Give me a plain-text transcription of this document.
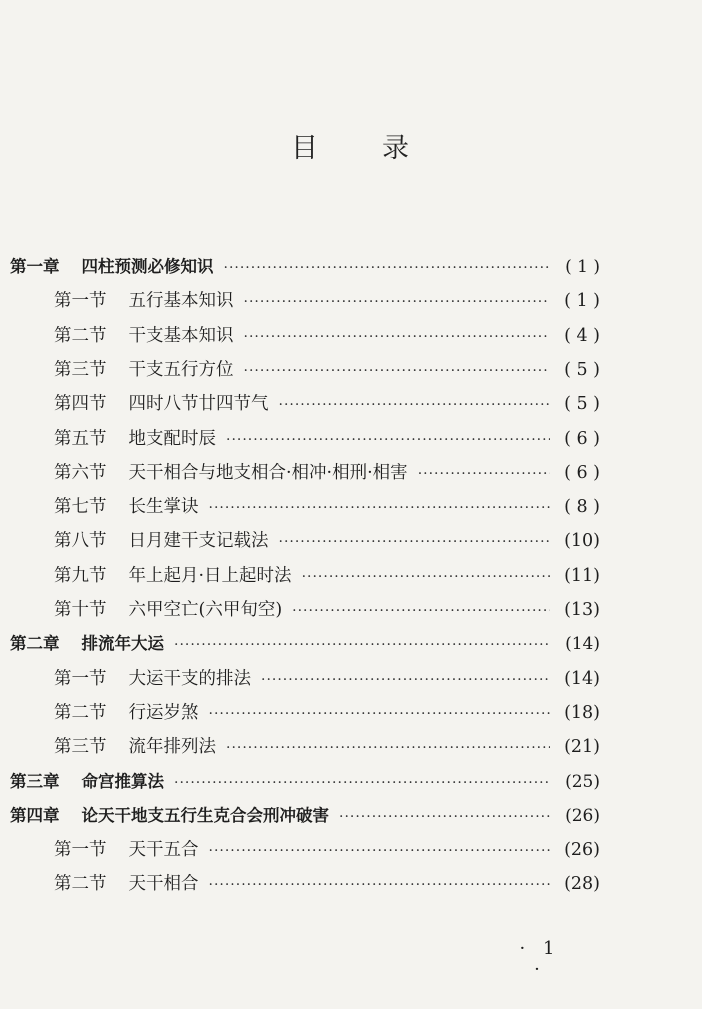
目 录
第一章 四柱预测必修知识 ·····	( 1 )
第一节 五行基本知识 ·····	( 1 )
第二节 干支基本知识 ·····	( 4 )
第三节 干支五行方位 ·····	( 5 )
第四节 四时八节廿四节气 ·····	( 5 )
第五节 地支配时辰 ·····	( 6 )
第六节 天干相合与地支相合·相冲·相刑·相害 ·····	( 6 )
第七节 长生掌诀 ·····	( 8 )
第八节 日月建干支记载法 ·····	(10)
第九节 年上起月·日上起时法 ·····	(11)
第十节 六甲空亡(六甲旬空) ·····	(13)
第二章 排流年大运 ·····	(14)
第一节 大运干支的排法 ·····	(14)
第二节 行运岁煞 ·····	(18)
第三节 流年排列法 ·····	(21)
第三章 命宫推算法 ·····	(25)
第四章 论天干地支五行生克合会刑冲破害 ·····	(26)
第一节 天干五合 ·····	(26)
第二节 天干相合 ·····	(28)
· 1 ·
